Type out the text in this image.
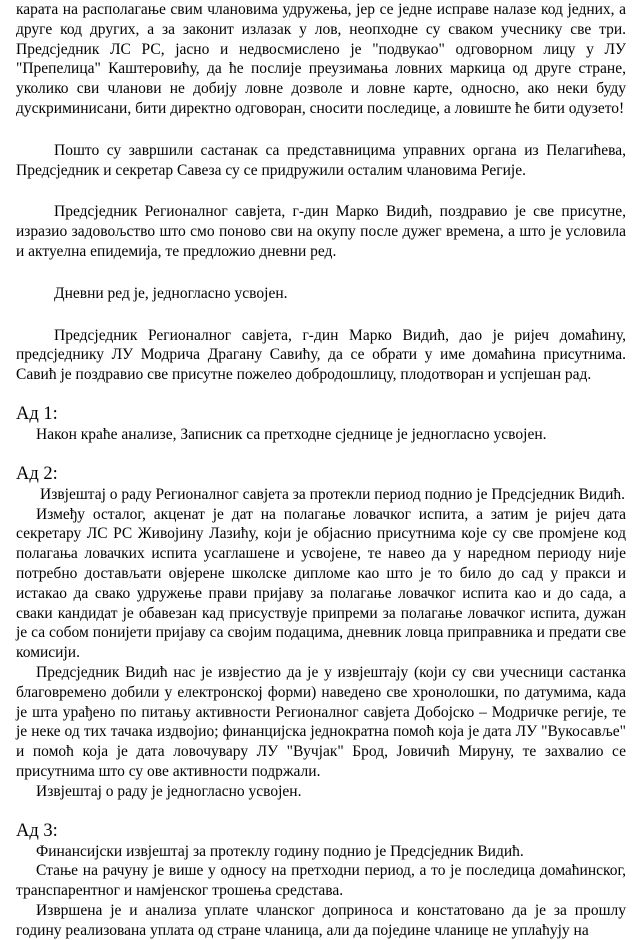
карата на располагање свим члановима удружења, јер се једне исправе налазе код једних, а друге код других, а за законит излазак у лов, неопходне су сваком учеснику све три. Предсједник ЛС РС, јасно и недвосмислено је "подвукао" одговорном лицу у ЛУ "Препелица" Каштеровићу, да ће послије преузимања ловних маркица од друге стране, уколико сви чланови не добију ловне дозволе и ловне карте, односно, ако неки буду дускриминисани, бити директно одговоран, сносити последице, а ловиште ће бити одузето!

Пошто су завршили састанак са представницима управних органа из Пелагићева, Предсједник и секретар Савеза су се придружили осталим члановима Регије.

Предсједник Регионалног савјета, г-дин Марко Видић, поздравио је све присутне, изразио задовољство што смо поново сви на окупу после дужег времена, а што је условила и актуелна епидемија, те предложио дневни ред.

Дневни ред је, једногласно усвојен.

Предсједник Регионалног савјета, г-дин Марко Видић, дао је ријеч домаћину, предсједнику ЛУ Модрича Драгану Савићу, да се обрати у име домаћина присутнима. Савић је поздравио све присутне пожелео добродошлицу, плодотворан и успјешан рад.

Ад 1:

Након краће анализе, Записник са претходне сједнице је једногласно усвојен.

Ад 2:

Извјештај о раду Регионалног савјета за протекли период поднио је Предсједник Видић.

Између осталог, акценат је дат на полагање ловачког испита, а затим је ријеч дата секретару ЛС РС Живојину Лазићу, који је објаснио присутнима које су све промјене код полагања ловачких испита усаглашене и усвојене, те навео да у наредном периоду није потребно достављати овјерене школске дипломе као што је то било до сад у пракси и истакао да свако удружење прави пријаву за полагање ловачког испита као и до сада, а сваки кандидат је обавезан кад присуствује припреми за полагање ловачког испита, дужан је са собом понијети пријаву са својим подацима, дневник ловца приправника и предати све комисији.

Предсједник Видић нас је извјестио да је у извјештају (који су сви учесници састанка благовремено добили у електронској форми) наведено све хронолошки, по датумима, када је шта урађено по питању активности Регионалног савјета Добојско – Модричке регије, те је неке од тих тачака издвојио; финанцијска једнократна помоћ која је дата ЛУ "Вукосавље" и помоћ која је дата ловочувару ЛУ "Вучјак" Брод, Јовичић Мируну, те захвалио се присутнима што су ове активности подржали.

Извјештај о раду је једногласно усвојен.

Ад 3:

Финансијски извјештај за протеклу годину поднио је Предсједник Видић.

Стање на рачуну је више у односу на претходни период, а то је последица домаћинског, транспарентног и намјенског трошења средстава.

Извршена је и анализа уплате чланског доприноса и констатовано да је за прошлу годину реализована уплата од стране чланица, али да поједине чланице не уплаћују на
